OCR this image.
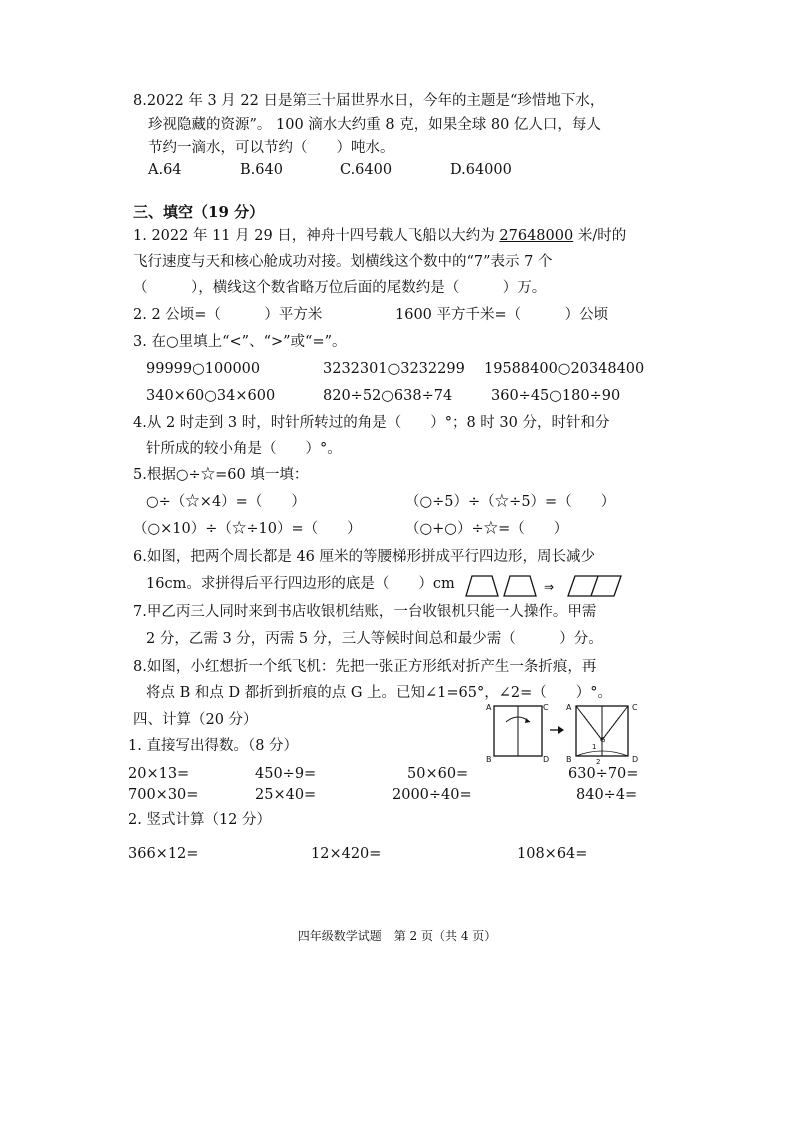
8.2022 年 3 月 22 日是第三十届世界水日，今年的主题是“珍惜地下水，
珍视隐藏的资源”。 100 滴水大约重 8 克，如果全球 80 亿人口，每人
节约一滴水，可以节约（　　）吨水。
A.64	B.640	C.6400	D.64000
三、填空（19 分）
1. 2022 年 11 月 29 日，神舟十四号载人飞船以大约为 27648000 米/时的
飞行速度与天和核心舱成功对接。划横线这个数中的“7”表示 7 个
（　　　），横线这个数省略万位后面的尾数约是（　　　）万。
2. 2 公顷=（　　　）平方米	1600 平方千米=（　　　）公顷
3. 在○里填上“<”、“>”或“=”。
99999○100000	3232301○3232299 19588400○20348400
340×60○34×600	820÷52○638÷74	360÷45○180÷90
4.从 2 时走到 3 时，时针所转过的角是（　　）°；8 时 30 分，时针和分
针所成的较小角是（　　）°。
5.根据○÷☆=60 填一填：
○÷（☆×4）=（　　）	（○÷5）÷（☆÷5）=（　　）
（○×10）÷（☆÷10）=（　　）	（○+○）÷☆=（　　）
6.如图，把两个周长都是 46 厘米的等腰梯形拼成平行四边形，周长减少
16cm。求拼得后平行四边形的底是（　　）cm	⇒
7.甲乙丙三人同时来到书店收银机结账，一台收银机只能一人操作。甲需
2 分，乙需 3 分，丙需 5 分，三人等候时间总和最少需（　　　）分。
8.如图，小红想折一个纸飞机：先把一张正方形纸对折产生一条折痕，再
将点 B 和点 D 都折到折痕的点 G 上。已知∠1=65°，∠2=（　　）°。
A	C
B	D
A	C
B	D
1
2
G
四、计算（20 分）
1. 直接写出得数。（8 分）
20×13=	450÷9=	50×60=	630÷70=
700×30=	25×40=	2000÷40=	840÷4=
2. 竖式计算（12 分）
366×12=	12×420=	108×64=
四年级数学试题　第 2 页（共 4 页）
